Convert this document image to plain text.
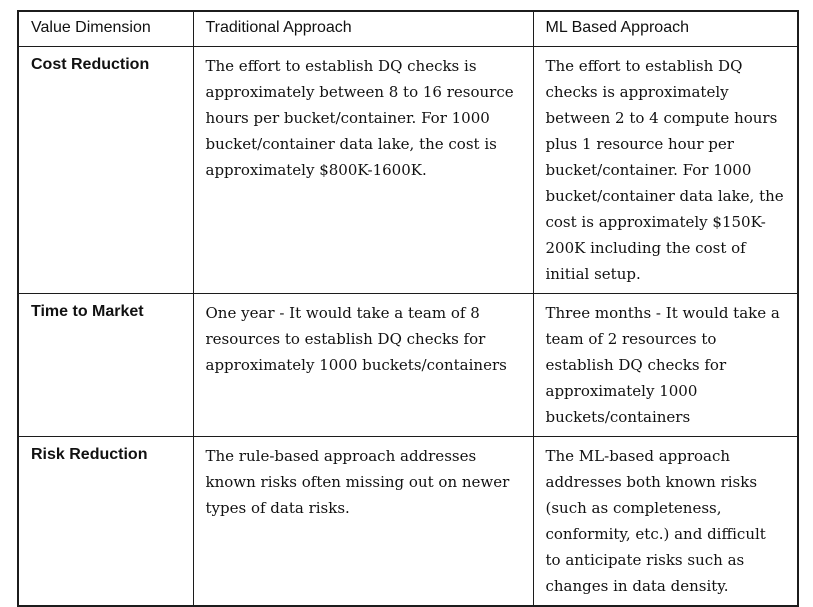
Value Dimension	Traditional Approach	ML Based Approach
Cost Reduction	The effort to establish DQ checks is approximately between 8 to 16 resource hours per bucket/container. For 1000 bucket/container data lake, the cost is approximately $800K-1600K.	The effort to establish DQ checks is approximately between 2 to 4 compute hours plus 1 resource hour per bucket/container. For 1000 bucket/container data lake, the cost is approximately $150K-200K including the cost of initial setup.
Time to Market	One year - It would take a team of 8 resources to establish DQ checks for approximately 1000 buckets/containers	Three months - It would take a team of 2 resources to establish DQ checks for approximately 1000 buckets/containers
Risk Reduction	The rule-based approach addresses known risks often missing out on newer types of data risks.	The ML-based approach addresses both known risks (such as completeness, conformity, etc.) and difficult to anticipate risks such as changes in data density.
